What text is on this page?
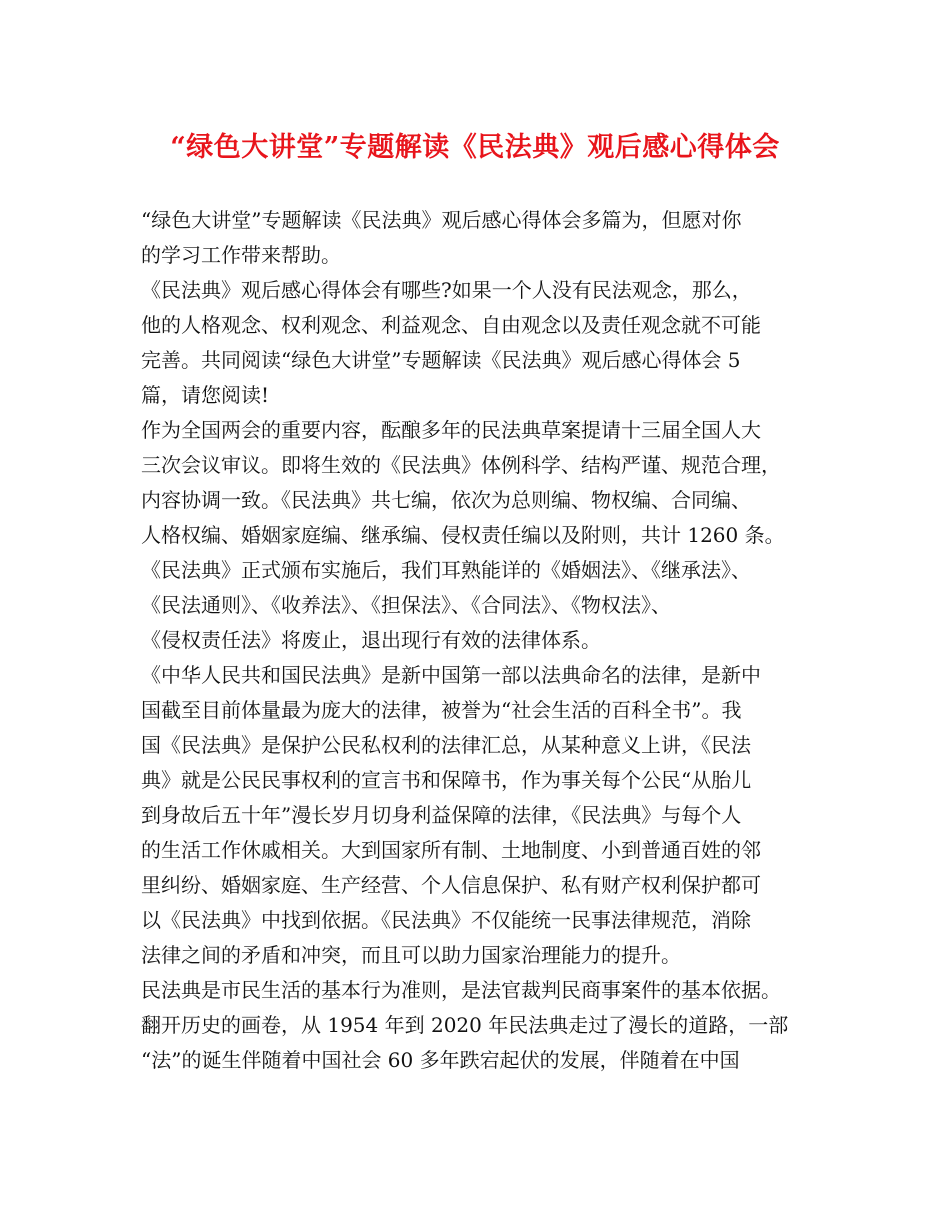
“绿色大讲堂”专题解读《民法典》观后感心得体会
“绿色大讲堂”专题解读《民法典》观后感心得体会多篇为，但愿对你
的学习工作带来帮助。
《民法典》观后感心得体会有哪些?如果一个人没有民法观念，那么，
他的人格观念、权利观念、利益观念、自由观念以及责任观念就不可能
完善。共同阅读“绿色大讲堂”专题解读《民法典》观后感心得体会 5
篇，请您阅读!
作为全国两会的重要内容，酝酿多年的民法典草案提请十三届全国人大
三次会议审议。即将生效的《民法典》体例科学、结构严谨、规范合理，
内容协调一致。《民法典》共七编，依次为总则编、物权编、合同编、
人格权编、婚姻家庭编、继承编、侵权责任编以及附则，共计 1260 条。
《民法典》正式颁布实施后，我们耳熟能详的《婚姻法》、《继承法》、
《民法通则》、《收养法》、《担保法》、《合同法》、《物权法》、
《侵权责任法》将废止，退出现行有效的法律体系。
《中华人民共和国民法典》是新中国第一部以法典命名的法律，是新中
国截至目前体量最为庞大的法律，被誉为“社会生活的百科全书”。我
国《民法典》是保护公民私权利的法律汇总，从某种意义上讲，《民法
典》就是公民民事权利的宣言书和保障书，作为事关每个公民“从胎儿
到身故后五十年”漫长岁月切身利益保障的法律，《民法典》与每个人
的生活工作休戚相关。大到国家所有制、土地制度、小到普通百姓的邻
里纠纷、婚姻家庭、生产经营、个人信息保护、私有财产权利保护都可
以《民法典》中找到依据。《民法典》不仅能统一民事法律规范，消除
法律之间的矛盾和冲突，而且可以助力国家治理能力的提升。
民法典是市民生活的基本行为准则，是法官裁判民商事案件的基本依据。
翻开历史的画卷，从 1954 年到 2020 年民法典走过了漫长的道路，一部
“法”的诞生伴随着中国社会 60 多年跌宕起伏的发展，伴随着在中国
